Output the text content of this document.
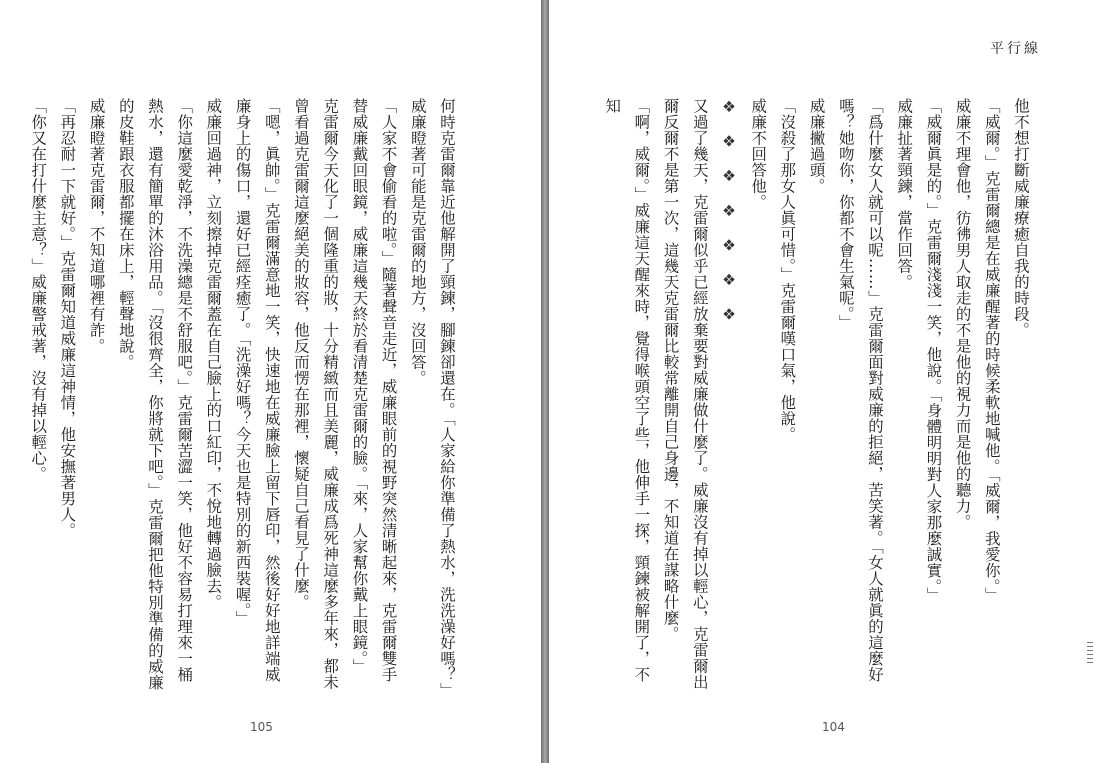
何時克雷爾靠近他解開了頸鍊，腳鍊卻還在。「人家給你準備了熱水，洗洗澡好嗎？」

威廉瞪著可能是克雷爾的地方，沒回答。

「人家不會偷看的啦。」隨著聲音走近，威廉眼前的視野突然清晰起來，克雷爾雙手替威廉戴回眼鏡，威廉這幾天終於看清楚克雷爾的臉。「來，人家幫你戴上眼鏡。」

克雷爾今天化了一個隆重的妝，十分精緻而且美麗，威廉成爲死神這麼多年來，都未曾看過克雷爾這麼絕美的妝容，他反而愣在那裡，懷疑自己看見了什麼。

「嗯，眞帥。」克雷爾滿意地一笑，快速地在威廉臉上留下唇印，然後好好地詳端威廉身上的傷口，還好已經痊癒了。「洗澡好嗎？今天也是特別的新西裝喔。」

威廉回過神，立刻擦掉克雷爾蓋在自己臉上的口紅印，不悅地轉過臉去。

「你這麼愛乾淨，不洗澡總是不舒服吧。」克雷爾苦澀一笑，他好不容易打理來一桶熱水，還有簡單的沐浴用品。「沒很齊全，你將就下吧。」克雷爾把他特別準備的威廉的皮鞋跟衣服都擺在床上，輕聲地說。

威廉瞪著克雷爾，不知道哪裡有詐。

「再忍耐一下就好。」克雷爾知道威廉這神情，他安撫著男人。

「你又在打什麼主意？」威廉警戒著，沒有掉以輕心。

105
平行線

他不想打斷威廉療癒自我的時段。

「威爾。」克雷爾總是在威廉醒著的時候柔軟地喊他。「威爾，我愛你。」

威廉不理會他，彷彿男人取走的不是他的視力而是他的聽力。

「威爾眞是的。」克雷爾淺淺一笑，他說。「身體明明對人家那麼誠實。」

威廉扯著頸鍊，當作回答。

「爲什麼女人就可以呢……」克雷爾面對威廉的拒絕，苦笑著。「女人就眞的這麼好嗎？她吻你，你都不會生氣呢。」

威廉撇過頭。

「沒殺了那女人眞可惜。」克雷爾嘆口氣，他說。

威廉不回答他。

❖　❖　❖　❖　❖　❖　❖

又過了幾天，克雷爾似乎已經放棄要對威廉做什麼了。威廉沒有掉以輕心，克雷爾出爾反爾不是第一次，這幾天克雷爾比較常離開自己身邊，不知道在謀略什麼。

「啊，威爾。」威廉這天醒來時，覺得喉頭空了些，他伸手一探，頸鍊被解開了，不知

104
